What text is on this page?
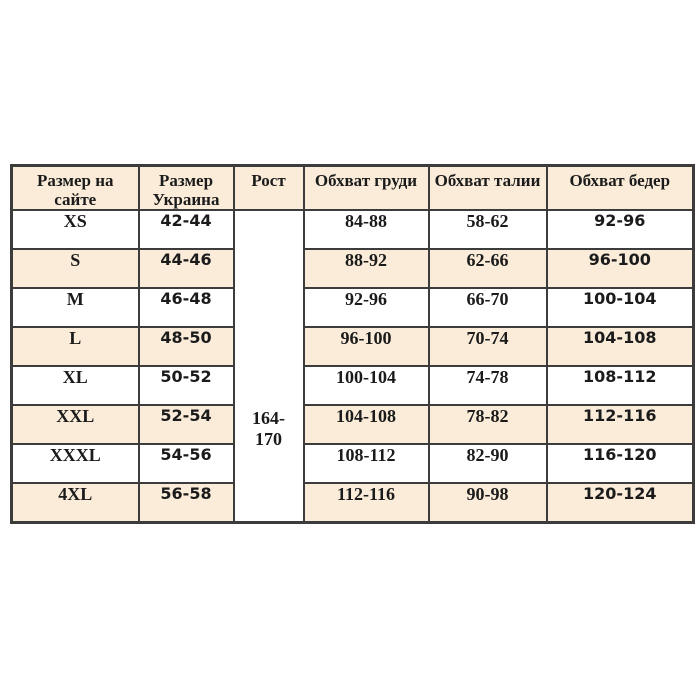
Размер на сайте	Размер Украина	Рост	Обхват груди	Обхват талии	Обхват бедер

XS	42-44	164-170	84-88	58-62	92-96
S	44-46		88-92	62-66	96-100
M	46-48		92-96	66-70	100-104
L	48-50		96-100	70-74	104-108
XL	50-52		100-104	74-78	108-112
XXL	52-54		104-108	78-82	112-116
XXXL	54-56		108-112	82-90	116-120
4XL	56-58		112-116	90-98	120-124
